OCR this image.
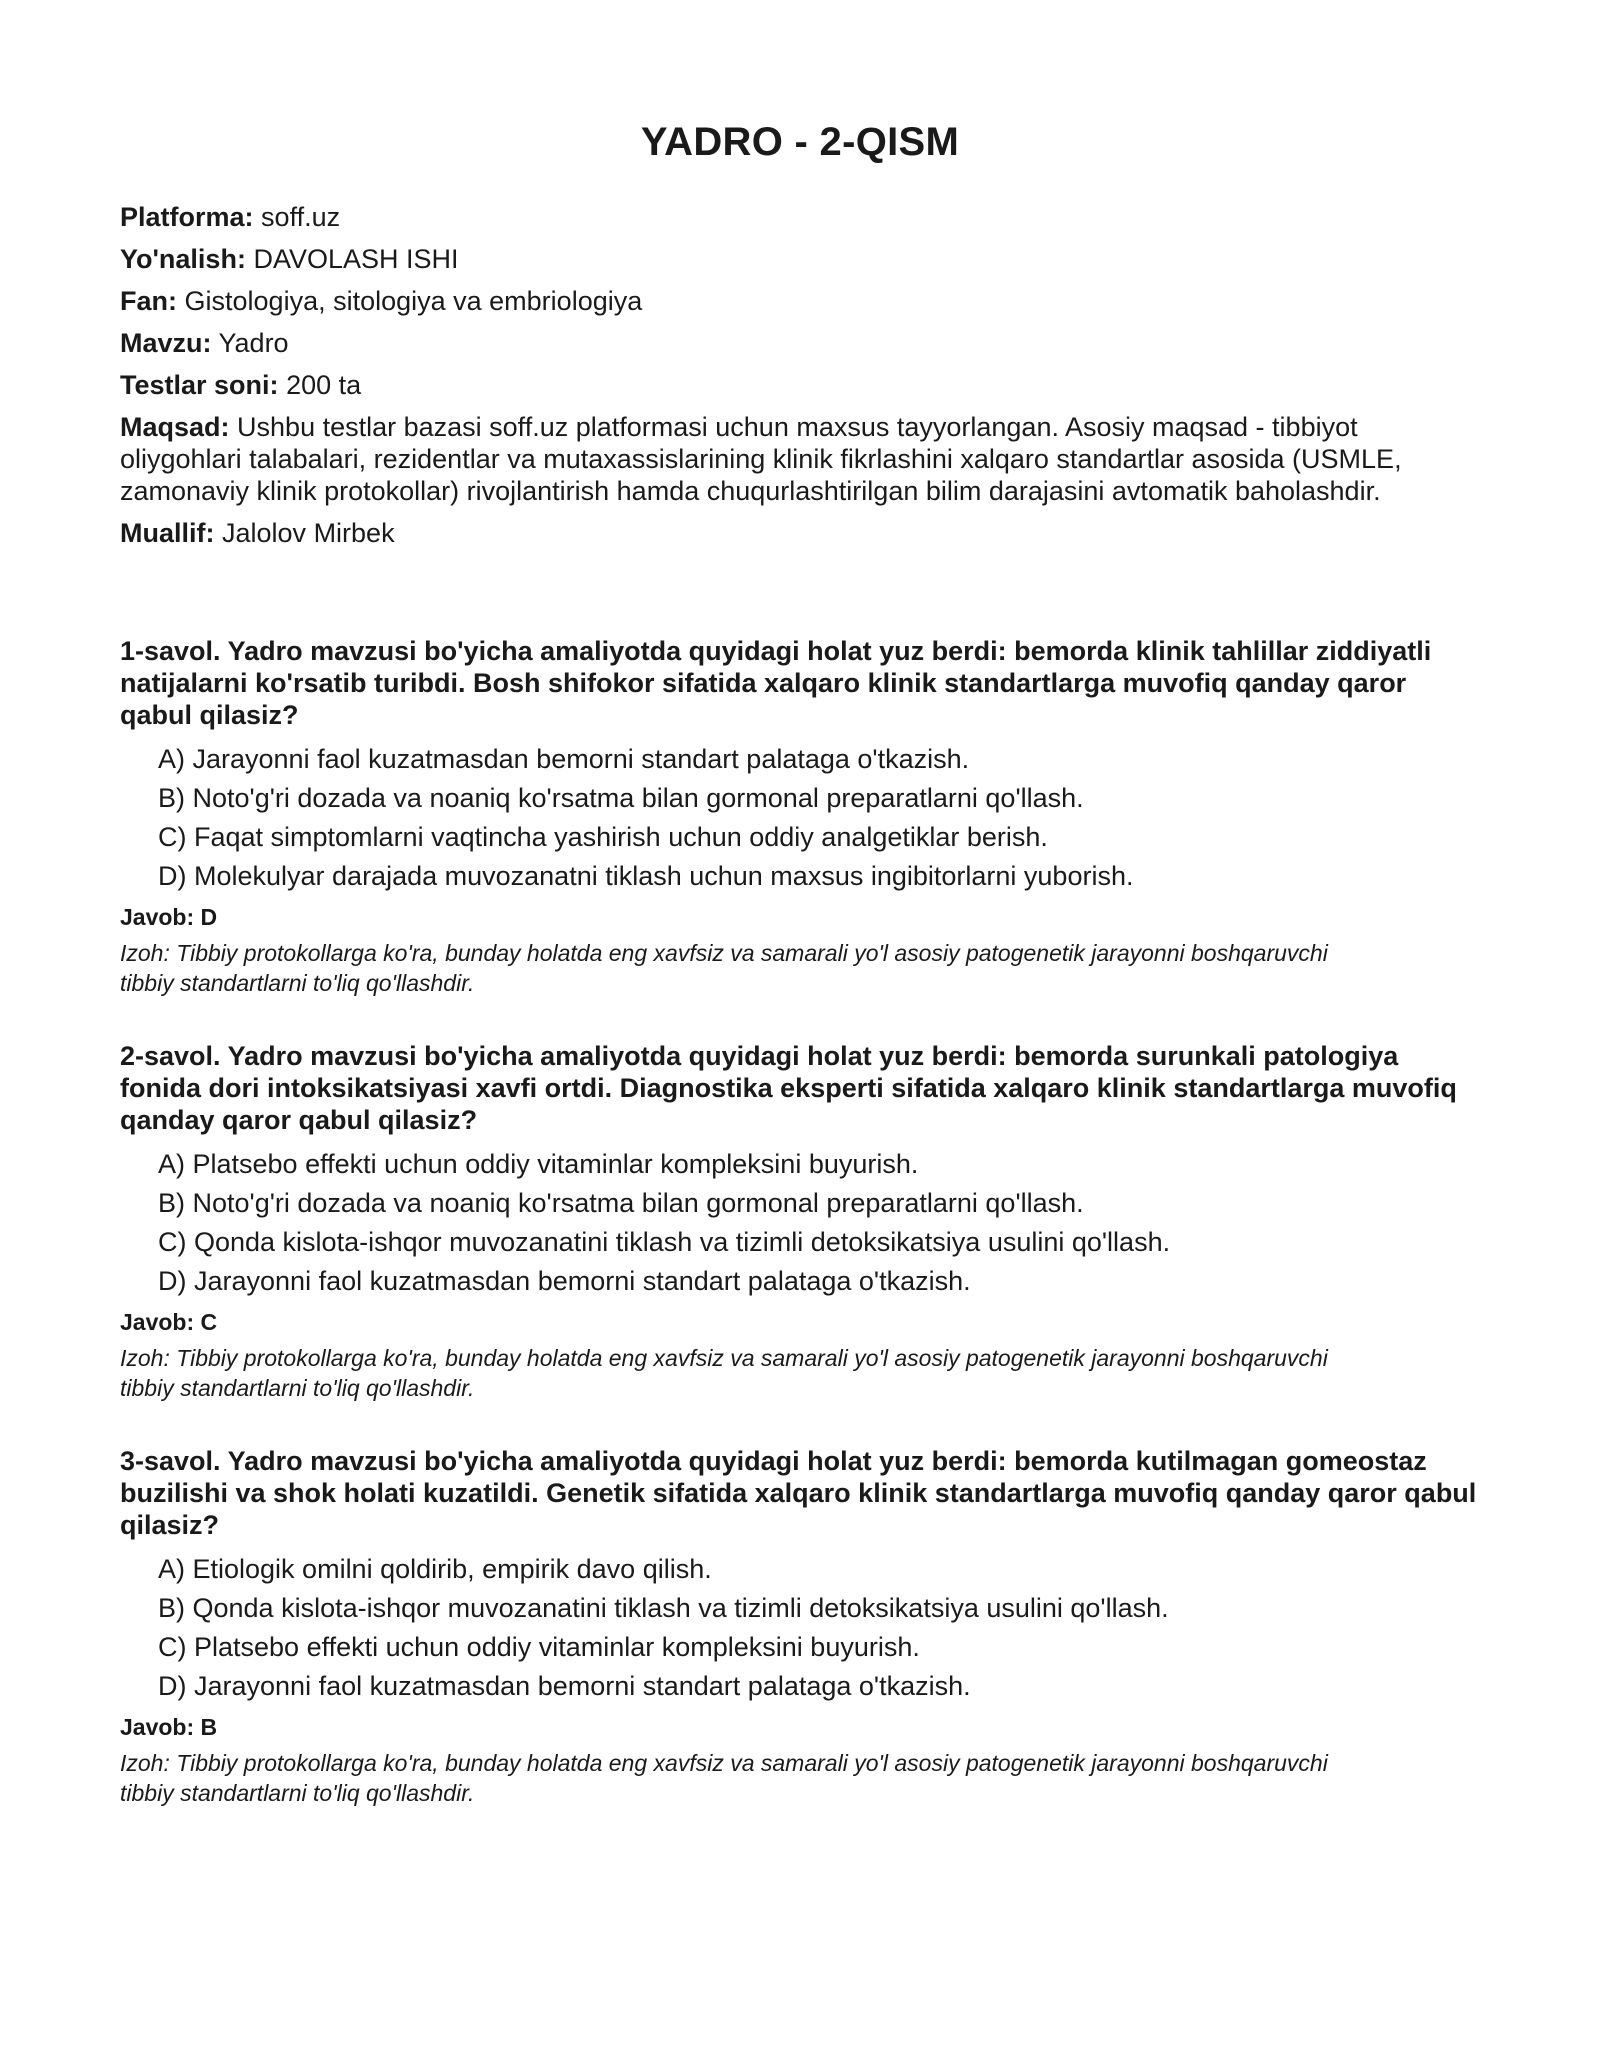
YADRO - 2-QISM

Platforma: soff.uz

Yo'nalish: DAVOLASH ISHI

Fan: Gistologiya, sitologiya va embriologiya

Mavzu: Yadro

Testlar soni: 200 ta

Maqsad: Ushbu testlar bazasi soff.uz platformasi uchun maxsus tayyorlangan. Asosiy maqsad - tibbiyot oliygohlari talabalari, rezidentlar va mutaxassislarining klinik fikrlashini xalqaro standartlar asosida (USMLE, zamonaviy klinik protokollar) rivojlantirish hamda chuqurlashtirilgan bilim darajasini avtomatik baholashdir.

Muallif: Jalolov Mirbek

1-savol. Yadro mavzusi bo'yicha amaliyotda quyidagi holat yuz berdi: bemorda klinik tahlillar ziddiyatli natijalarni ko'rsatib turibdi. Bosh shifokor sifatida xalqaro klinik standartlarga muvofiq qanday qaror qabul qilasiz?

A) Jarayonni faol kuzatmasdan bemorni standart palataga o'tkazish.
B) Noto'g'ri dozada va noaniq ko'rsatma bilan gormonal preparatlarni qo'llash.
C) Faqat simptomlarni vaqtincha yashirish uchun oddiy analgetiklar berish.
D) Molekulyar darajada muvozanatni tiklash uchun maxsus ingibitorlarni yuborish.

Javob: D

Izoh: Tibbiy protokollarga ko'ra, bunday holatda eng xavfsiz va samarali yo'l asosiy patogenetik jarayonni boshqaruvchi tibbiy standartlarni to'liq qo'llashdir.

2-savol. Yadro mavzusi bo'yicha amaliyotda quyidagi holat yuz berdi: bemorda surunkali patologiya fonida dori intoksikatsiyasi xavfi ortdi. Diagnostika eksperti sifatida xalqaro klinik standartlarga muvofiq qanday qaror qabul qilasiz?

A) Platsebo effekti uchun oddiy vitaminlar kompleksini buyurish.
B) Noto'g'ri dozada va noaniq ko'rsatma bilan gormonal preparatlarni qo'llash.
C) Qonda kislota-ishqor muvozanatini tiklash va tizimli detoksikatsiya usulini qo'llash.
D) Jarayonni faol kuzatmasdan bemorni standart palataga o'tkazish.

Javob: C

Izoh: Tibbiy protokollarga ko'ra, bunday holatda eng xavfsiz va samarali yo'l asosiy patogenetik jarayonni boshqaruvchi tibbiy standartlarni to'liq qo'llashdir.

3-savol. Yadro mavzusi bo'yicha amaliyotda quyidagi holat yuz berdi: bemorda kutilmagan gomeostaz buzilishi va shok holati kuzatildi. Genetik sifatida xalqaro klinik standartlarga muvofiq qanday qaror qabul qilasiz?

A) Etiologik omilni qoldirib, empirik davo qilish.
B) Qonda kislota-ishqor muvozanatini tiklash va tizimli detoksikatsiya usulini qo'llash.
C) Platsebo effekti uchun oddiy vitaminlar kompleksini buyurish.
D) Jarayonni faol kuzatmasdan bemorni standart palataga o'tkazish.

Javob: B

Izoh: Tibbiy protokollarga ko'ra, bunday holatda eng xavfsiz va samarali yo'l asosiy patogenetik jarayonni boshqaruvchi tibbiy standartlarni to'liq qo'llashdir.
